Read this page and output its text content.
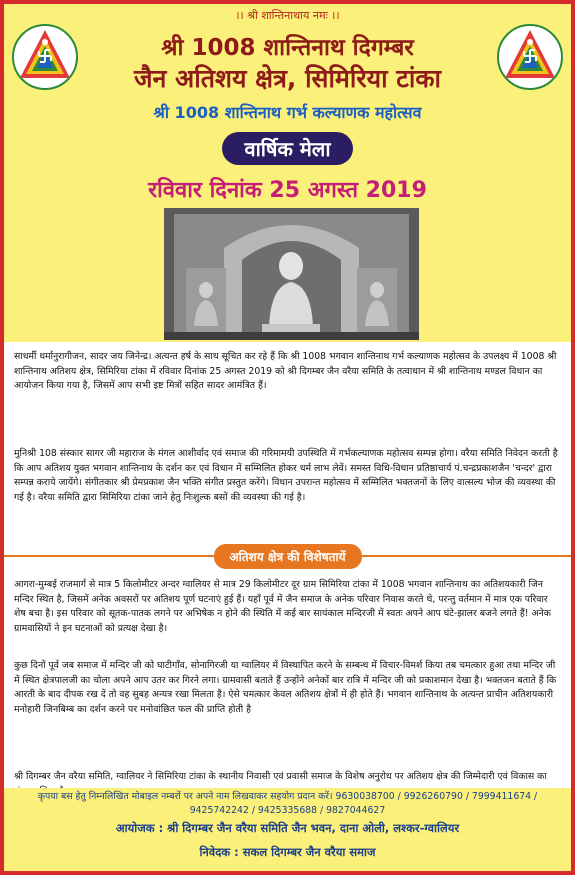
।। श्री शान्तिनाथाय नमः ।।
श्री 1008 शान्तिनाथ दिगम्बर
जैन अतिशय क्षेत्र, सिमिरिया टांका
श्री 1008 शान्तिनाथ गर्भ कल्याणक महोत्सव
वार्षिक मेला
रविवार दिनांक 25 अगस्त 2019

साधर्मी धर्मानुरागीजन, सादर जय जिनेन्द्र। अत्यन्त हर्ष के साथ सूचित कर रहे हैं कि श्री 1008 भगवान शान्तिनाथ गर्भ कल्याणक महोत्सव के उपलक्ष्य में 1008 श्री शान्तिनाथ अतिशय क्षेत्र, सिमिरिया टांका में रविवार दिनांक 25 अगस्त 2019 को श्री दिगम्बर जैन वरैया समिति के तत्वाधान में श्री शान्तिनाथ मण्डल विधान का आयोजन किया गया है, जिसमें आप सभी इष्ट मित्रों सहित सादर आमंत्रित हैं।

मुनिश्री 108 संस्कार सागर जी महाराज के मंगल आशीर्वाद एवं समाज की गरिमामयी उपस्थिति में गर्भकल्याणक महोत्सव सम्पन्न होगा। वरैया समिति निवेदन करती है कि आप अतिशय युक्त भगवान शान्तिनाथ के दर्शन कर एवं विधान में सम्मिलित होकर धर्म लाभ लेवें। समस्त विधि-विधान प्रतिष्ठाचार्य पं.चन्द्रप्रकाशजैन 'चन्दर' द्वारा सम्पन्न कराये जायेंगे। संगीतकार श्री प्रेमप्रकाश जैन भक्ति संगीत प्रस्तुत करेंगे। विधान उपरान्त महोत्सव में सम्मिलित भक्तजनों के लिए वात्सल्य भोज की व्यवस्था की गई है। वरैया समिति द्वारा सिमिरिया टांका जाने हेतु निःशुल्क बसों की व्यवस्था की गई है।

अतिशय क्षेत्र की विशेषतायें

आगरा-मुम्बई राजमार्ग से मात्र 5 किलोमीटर अन्दर ग्वालियर से मात्र 29 किलोमीटर दूर ग्राम सिमिरिया टांका में 1008 भगवान शान्तिनाथ का अतिशयकारी जिन मन्दिर स्थित है, जिसमें अनेक अवसरों पर अतिशय पूर्ण घटनाएं हुई हैं। यहाँ पूर्व में जैन समाज के अनेक परिवार निवास करते थे, परन्तु वर्तमान में मात्र एक परिवार शेष बचा है। इस परिवार को सूतक-पातक लगने पर अभिषेक न होने की स्थिति में कई बार सायंकाल मन्दिरजी में स्वतः अपने आप घंटे-झालर बजने लगते हैं! अनेक ग्रामवासियों ने इन घटनाओं को प्रत्यक्ष देखा है।

कुछ दिनों पूर्व जब समाज में मन्दिर जी को घाटीगाँव, सोनागिरजी या ग्वालियर में विस्थापित करने के सम्बन्ध में विचार-विमर्श किया तब चमत्कार हुआ तथा मन्दिर जी में स्थित क्षेत्रपालजी का चोला अपने आप उतर कर गिरने लगा। ग्रामवासी बताते हैं उन्होंने अनेकों बार रात्रि में मन्दिर जी को प्रकाशमान देखा है। भक्तजन बताते हैं कि आरती के बाद दीपक रख दें तो वह सुबह अन्यत्र रखा मिलता है। ऐसे चमत्कार केवल अतिशय क्षेत्रों में ही होते हैं। भगवान शान्तिनाथ के अत्यन्त प्राचीन अतिशयकारी मनोहारी जिनबिम्ब का दर्शन करने पर मनोवांछित फल की प्राप्ति होती है

श्री दिगम्बर जैन वरैया समिति, ग्वालियर ने सिमिरिया टांका के स्थानीय निवासी एवं प्रवासी समाज के विशेष अनुरोध पर अतिशय क्षेत्र की जिम्मेदारी एवं विकास का

कृपया बस हेतु निम्नलिखित मोबाइल नम्बरों पर अपने नाम लिखवाकर सहयोग प्रदान करें। 9630038700 / 9926260790 / 7999411674 / 9425742242 / 9425335688 / 9827044627
आयोजक : श्री दिगम्बर जैन वरैया समिति जैन भवन, दाना ओली, लश्कर-ग्वालियर
निवेदक : सकल दिगम्बर जैन वरैया समाज
